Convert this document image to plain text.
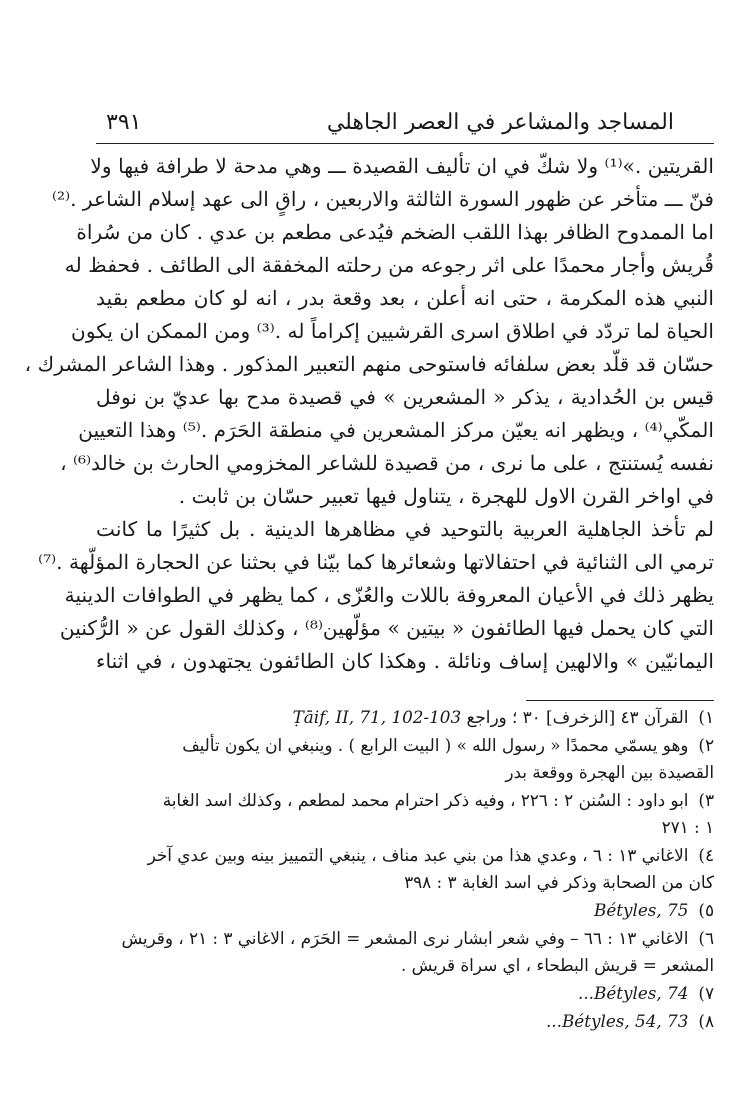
المساجد والمشاعر في العصر الجاهلي
٣٩١
القريتين .»⁽¹⁾ ولا شكّ في ان تأليف القصيدة ـــ وهي مدحة لا طرافة فيها ولا
فنّ ـــ متأخر عن ظهور السورة الثالثة والاربعين ، راقٍ الى عهد إسلام الشاعر .⁽²⁾
اما الممدوح الظافر بهذا اللقب الضخم فيُدعى مطعم بن عدي . كان من سُراة
قُريش وأجار محمدًا على اثر رجوعه من رحلته المخفقة الى الطائف . فحفظ له
النبي هذه المكرمة ، حتى انه أعلن ، بعد وقعة بدر ، انه لو كان مطعم بقيد
الحياة لما تردّد في اطلاق اسرى القرشيين إكراماً له .⁽³⁾ ومن الممكن ان يكون
حسّان قد قلّد بعض سلفائه فاستوحى منهم التعبير المذكور . وهذا الشاعر المشرك ،
قيس بن الحُدادية ، يذكر « المشعرين » في قصيدة مدح بها عديّ بن نوفل
المكّي⁽⁴⁾ ، ويظهر انه يعيّن مركز المشعرين في منطقة الحَرَم .⁽⁵⁾ وهذا التعيين
نفسه يُستنتج ، على ما نرى ، من قصيدة للشاعر المخزومي الحارث بن خالد⁽⁶⁾ ،
في اواخر القرن الاول للهجرة ، يتناول فيها تعبير حسّان بن ثابت .
لم تأخذ الجاهلية العربية بالتوحيد في مظاهرها الدينية . بل كثيرًا ما كانت
ترمي الى الثنائية في احتفالاتها وشعائرها كما بيّنا في بحثنا عن الحجارة المؤلّهة .⁽⁷⁾
يظهر ذلك في الأعيان المعروفة باللات والعُزّى ، كما يظهر في الطوافات الدينية
التي كان يحمل فيها الطائفون « بيتين » مؤلّهين⁽⁸⁾ ، وكذلك القول عن « الرُّكنين
اليمانيّين » والالهين إساف ونائلة . وهكذا كان الطائفون يجتهدون ، في اثناء
١)القرآن ٤٣ [الزخرف] ٣٠ ؛ وراجع Ṭāif, II, 71, 102-103
٢)وهو يسمّي محمدًا « رسول الله » ( البيت الرابع ) . وينبغي ان يكون تأليف
القصيدة بين الهجرة ووقعة بدر
٣)ابو داود : السُنن ٢ : ٢٢٦ ، وفيه ذكر احترام محمد لمطعم ، وكذلك اسد الغابة
١ : ٢٧١
٤)الاغاني ١٣ : ٦ ، وعدي هذا من بني عبد مناف ، ينبغي التمييز بينه وبين عدي آخر
كان من الصحابة وذكر في اسد الغابة ٣ : ٣٩٨
٥)Bétyles, 75
٦)الاغاني ١٣ : ٦٦ – وفي شعر ابشار نرى المشعر = الحَرَم ، الاغاني ٣ : ٢١ ، وقريش
المشعر = قريش البطحاء ، اي سراة قريش .
٧)Bétyles, 74...
٨)Bétyles, 54, 73...
